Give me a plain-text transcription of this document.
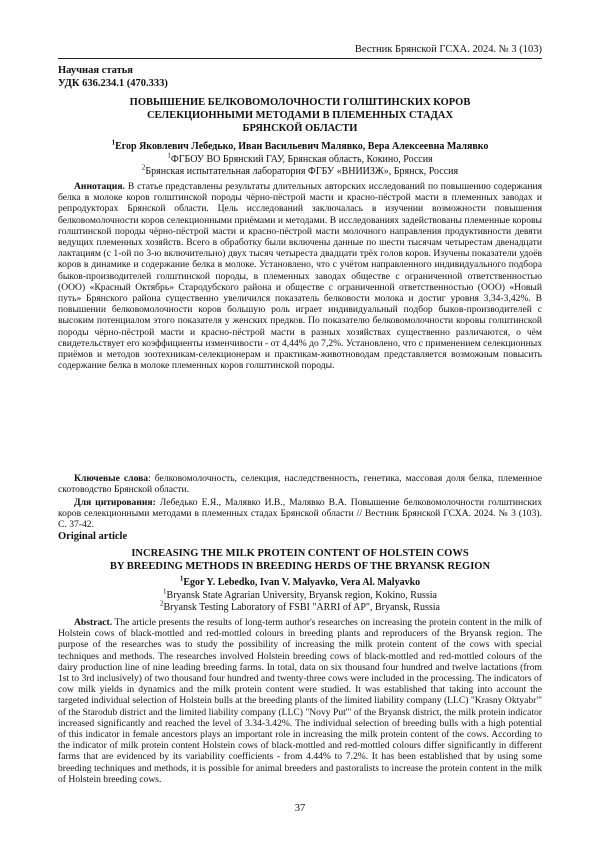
Вестник Брянской ГСХА. 2024. № 3 (103)
Научная статья
УДК 636.234.1 (470.333)
ПОВЫШЕНИЕ БЕЛКОВОМОЛОЧНОСТИ ГОЛШТИНСКИХ КОРОВ
СЕЛЕКЦИОННЫМИ МЕТОДАМИ В ПЛЕМЕННЫХ СТАДАХ
БРЯНСКОЙ ОБЛАСТИ
1Егор Яковлевич Лебедько, Иван Васильевич Малявко, Вера Алексеевна Малявко
1ФГБОУ ВО Брянский ГАУ, Брянская область, Кокино, Россия
2Брянская испытательная лаборатория ФГБУ «ВНИИЗЖ», Брянск, Россия
Аннотация. В статье представлены результаты длительных авторских исследований по повышению содержания белка в молоке коров голштинской породы чёрно-пёстрой масти и красно-пёстрой масти в племенных заводах и репродукторах Брянской области. Цель исследований заключалась в изучении возможности повышения белковомолочности коров селекционными приёмами и методами. В исследованиях задействованы племенные коровы голштинской породы чёрно-пёстрой масти и красно-пёстрой масти молочного направления продуктивности девяти ведущих племенных хозяйств. Всего в обработку были включены данные по шести тысячам четырестам двенадцати лактациям (с 1-ой по 3-ю включительно) двух тысяч четыреста двадцати трёх голов коров. Изучены показатели удоёв коров в динамике и содержание белка в молоке. Установлено, что с учётом направленного индивидуального подбора быков-производителей голштинской породы, в племенных заводах обществе с ограниченной ответственностью (ООО) «Красный Октябрь» Стародубского района и обществе с ограниченной ответственностью (ООО) «Новый путь» Брянского района существенно увеличился показатель белковости молока и достиг уровня 3,34-3,42%. В повышении белковомолочности коров большую роль играет индивидуальный подбор быков-производителей с высоким потенциалом этого показателя у женских предков. По показателю белковомолочности коровы голштинской породы чёрно-пёстрой масти и красно-пёстрой масти в разных хозяйствах существенно различаются, о чём свидетельствует его коэффициенты изменчивости - от 4,44% до 7,2%. Установлено, что с применением селекционных приёмов и методов зоотехникам-селекционерам и практикам-животноводам представляется возможным повысить содержание белка в молоке племенных коров голштинской породы.
Ключевые слова: белковомолочность, селекция, наследственность, генетика, массовая доля белка, племенное скотоводство Брянской области.
Для цитирования: Лебедько Е.Я., Малявко И.В., Малявко В.А. Повышение белковомолочности голштинских коров селекционными методами в племенных стадах Брянской области // Вестник Брянской ГСХА. 2024. № 3 (103). С. 37-42.
Original article
INCREASING THE MILK PROTEIN CONTENT OF HOLSTEIN COWS
BY BREEDING METHODS IN BREEDING HERDS OF THE BRYANSK REGION
1Egor Y. Lebedko, Ivan V. Malyavko, Vera Al. Malyavko
1Bryansk State Agrarian University, Bryansk region, Kokino, Russia
2Bryansk Testing Laboratory of FSBI "ARRI of AP", Bryansk, Russia
Abstract. The article presents the results of long-term author's researches on increasing the protein content in the milk of Holstein cows of black-mottled and red-mottled colours in breeding plants and reproducers of the Bryansk region. The purpose of the researches was to study the possibility of increasing the milk protein content of the cows with special techniques and methods. The researches involved Holstein breeding cows of black-mottled and red-mottled colours of the dairy production line of nine leading breeding farms. In total, data on six thousand four hundred and twelve lactations (from 1st to 3rd inclusively) of two thousand four hundred and twenty-three cows were included in the processing. The indicators of cow milk yields in dynamics and the milk protein content were studied. It was established that taking into account the targeted individual selection of Holstein bulls at the breeding plants of the limited liability company (LLC) "Krasny Oktyabr'" of the Starodub district and the limited liability company (LLC) "Novy Put'" of the Bryansk district, the milk protein indicator increased significantly and reached the level of 3.34-3.42%. The individual selection of breeding bulls with a high potential of this indicator in female ancestors plays an important role in increasing the milk protein content of the cows. According to the indicator of milk protein content Holstein cows of black-mottled and red-mottled colours differ significantly in different farms that are evidenced by its variability coefficients - from 4.44% to 7.2%. It has been established that by using some breeding techniques and methods, it is possible for animal breeders and pastoralists to increase the protein content in the milk of Holstein breeding cows.
37
